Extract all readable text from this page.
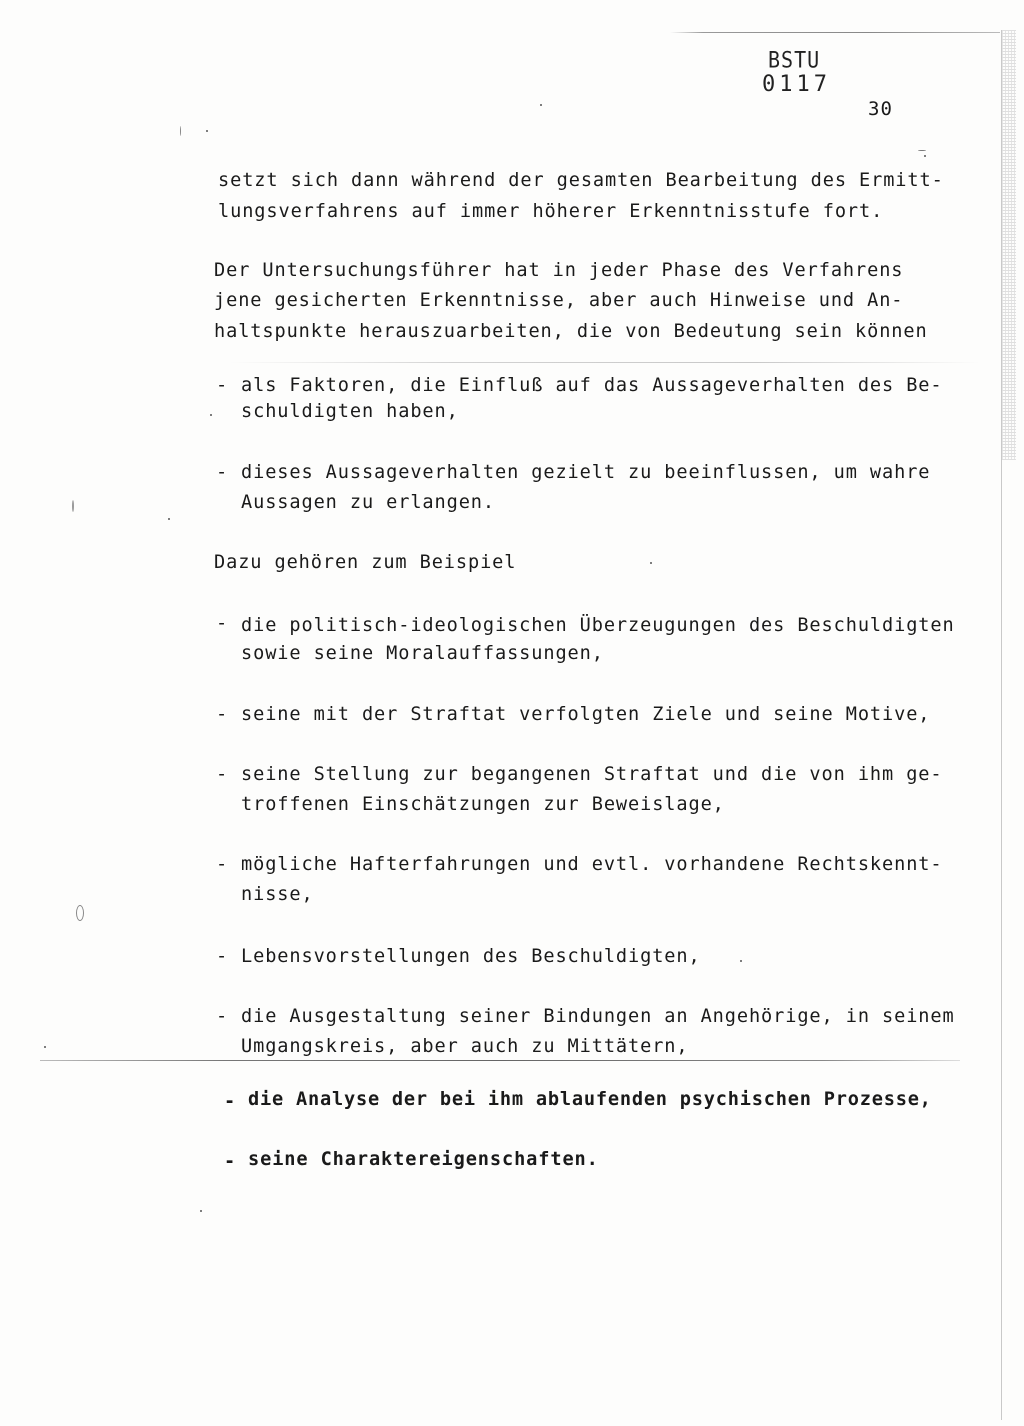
BSTU
0117
30
setzt sich dann während der gesamten Bearbeitung des Ermitt-
lungsverfahrens auf immer höherer Erkenntnisstufe fort.
Der Untersuchungsführer hat in jeder Phase des Verfahrens
jene gesicherten Erkenntnisse, aber auch Hinweise und An-
haltspunkte herauszuarbeiten, die von Bedeutung sein können
- als Faktoren, die Einfluß auf das Aussageverhalten des Be-
schuldigten haben,
- dieses Aussageverhalten gezielt zu beeinflussen, um wahre
Aussagen zu erlangen.
Dazu gehören zum Beispiel
- die politisch-ideologischen Überzeugungen des Beschuldigten
sowie seine Moralauffassungen,
- seine mit der Straftat verfolgten Ziele und seine Motive,
- seine Stellung zur begangenen Straftat und die von ihm ge-
troffenen Einschätzungen zur Beweislage,
- mögliche Hafterfahrungen und evtl. vorhandene Rechtskennt-
nisse,
- Lebensvorstellungen des Beschuldigten,
- die Ausgestaltung seiner Bindungen an Angehörige, in seinem
Umgangskreis, aber auch zu Mittätern,
- die Analyse der bei ihm ablaufenden psychischen Prozesse,
- seine Charaktereigenschaften.
